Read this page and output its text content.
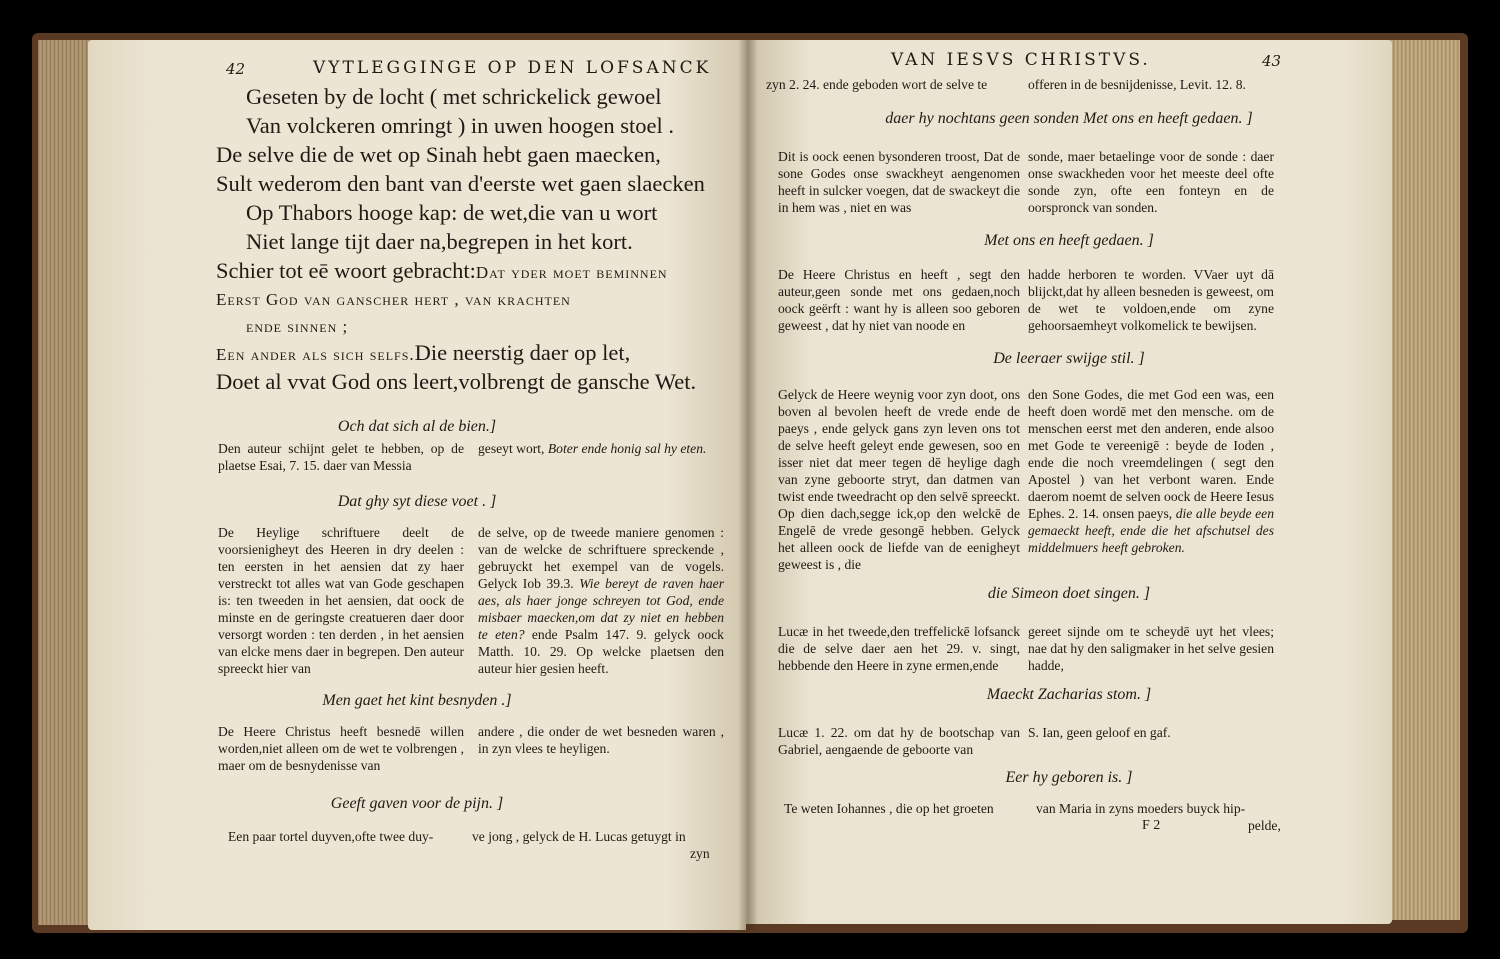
42	VYTLEGGINGE OP DEN LOFSANCK
Geseten by de locht ( met schrickelick gewoel
Van volckeren omringt ) in uwen hoogen stoel .
De selve die de wet op Sinah hebt gaen maecken,
Sult wederom den bant van d'eerste wet gaen slaecken
Op Thabors hooge kap: de wet,die van u wort
Niet lange tijt daer na,begrepen in het kort.
Schier tot eē woort gebracht:Dat yder moet beminnen
Eerst God van ganscher hert , van krachten
ende sinnen ;
Een ander als sich selfs.Die neerstig daer op let,
Doet al vvat God ons leert,volbrengt de gansche Wet.
Och dat sich al de bien.]

Den auteur schijnt gelet te hebben, op de plaetse Esai, 7. 15. daer van Messia

geseyt wort, Boter ende honig sal hy eten.

Dat ghy syt diese voet . ]

De Heylige schriftuere deelt de voorsienigheyt des Heeren in dry deelen : ten eersten in het aensien dat zy haer verstreckt tot alles wat van Gode geschapen is: ten tweeden in het aensien, dat oock de minste en de geringste creatueren daer door versorgt worden : ten derden , in het aensien van elcke mens daer in begrepen. Den auteur spreeckt hier van

de selve, op de tweede maniere genomen : van de welcke de schriftuere spreckende , gebruyckt het exempel van de vogels. Gelyck Iob 39.3. Wie bereyt de raven haer aes, als haer jonge schreyen tot God, ende misbaer maecken,om dat zy niet en hebben te eten? ende Psalm 147. 9. gelyck oock Matth. 10. 29. Op welcke plaetsen den auteur hier gesien heeft.

Men gaet het kint besnyden .]

De Heere Christus heeft besnedē willen worden,niet alleen om de wet te volbrengen , maer om de besnydenisse van

andere , die onder de wet besneden waren , in zyn vlees te heyligen.

Geeft gaven voor de pijn. ]
Een paar tortel duyven,ofte twee duy-	ve jong , gelyck de H. Lucas getuygt in
zyn
VAN IESVS CHRISTVS.	43
zyn 2. 24. ende geboden wort de selve te	offeren in de besnijdenisse, Levit. 12. 8.
daer hy nochtans geen sonden Met ons en heeft gedaen. ]

Dit is oock eenen bysonderen troost, Dat de sone Godes onse swackheyt aengenomen heeft in sulcker voegen, dat de swackeyt die in hem was , niet en was

sonde, maer betaelinge voor de sonde : daer onse swackheden voor het meeste deel ofte sonde zyn, ofte een fonteyn en de oorspronck van sonden.

Met ons en heeft gedaen. ]

De Heere Christus en heeft , segt den auteur,geen sonde met ons gedaen,noch oock geërft : want hy is alleen soo geboren geweest , dat hy niet van noode en

hadde herboren te worden. VVaer uyt dā blijckt,dat hy alleen besneden is geweest, om de wet te voldoen,ende om zyne gehoorsaemheyt volkomelick te bewijsen.

De leeraer swijge stil. ]

Gelyck de Heere weynig voor zyn doot, ons boven al bevolen heeft de vrede ende de paeys , ende gelyck gans zyn leven ons tot de selve heeft geleyt ende gewesen, soo en isser niet dat meer tegen dē heylige dagh van zyne geboorte stryt, dan datmen van twist ende tweedracht op den selvē spreeckt. Op dien dach,segge ick,op den welckē de Engelē de vrede gesongē hebben. Gelyck het alleen oock de liefde van de eenigheyt geweest is , die

den Sone Godes, die met God een was, een heeft doen wordē met den mensche. om de menschen eerst met den anderen, ende alsoo met Gode te vereenigē : beyde de Ioden , ende die noch vreemdelingen ( segt den Apostel ) van het verbont waren. Ende daerom noemt de selven oock de Heere Iesus Ephes. 2. 14. onsen paeys, die alle beyde een gemaeckt heeft, ende die het afschutsel des middelmuers heeft gebroken.

die Simeon doet singen. ]

Lucæ in het tweede,den treffelickē lofsanck die de selve daer aen het 29. v. singt, hebbende den Heere in zyne ermen,ende

gereet sijnde om te scheydē uyt het vlees; nae dat hy den saligmaker in het selve gesien hadde,

Maeckt Zacharias stom. ]

Lucæ 1. 22. om dat hy de bootschap van Gabriel, aengaende de geboorte van

S. Ian, geen geloof en gaf.

Eer hy geboren is. ]
Te weten Iohannes , die op het groeten	van Maria in zyns moeders buyck hip-
F 2	pelde,
